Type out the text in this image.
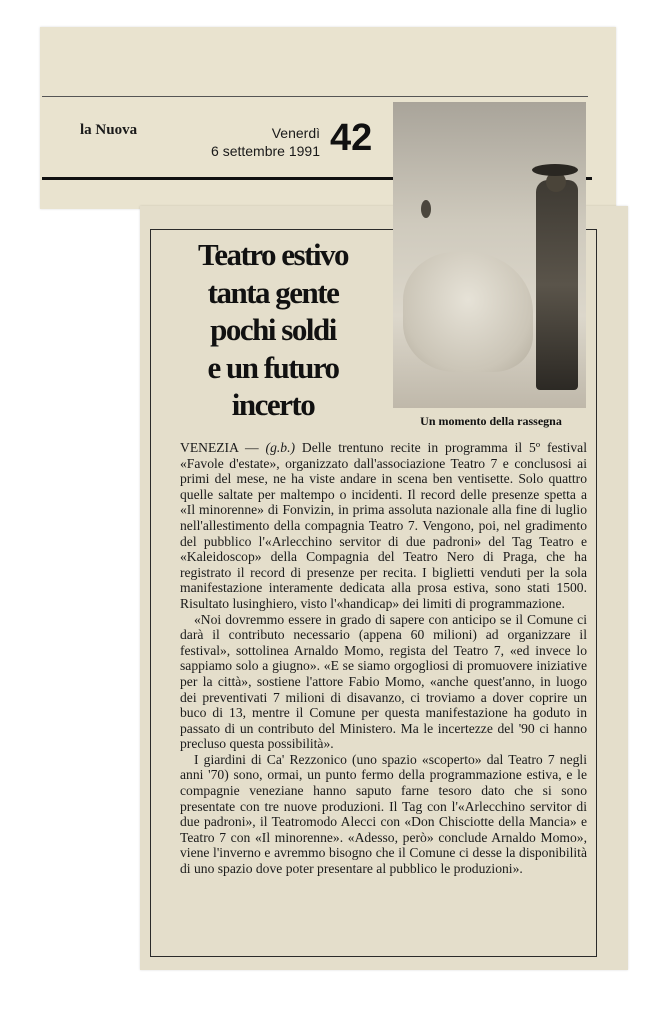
la Nuova	Venerdì
6 settembre 1991 42
Un momento della rassegna
Teatro estivo
tanta gente
pochi soldi
e un futuro
incerto

VENEZIA — (g.b.) Delle trentuno recite in programma il 5º festival «Favole d'estate», organizzato dall'associazione Teatro 7 e conclusosi ai primi del mese, ne ha viste andare in scena ben ventisette. Solo quattro quelle saltate per maltempo o incidenti. Il record delle presenze spetta a «Il minorenne» di Fonvizin, in prima assoluta nazionale alla fine di luglio nell'allestimento della compagnia Teatro 7. Vengono, poi, nel gradimento del pubblico l'«Arlecchino servitor di due padroni» del Tag Teatro e «Kaleidoscop» della Compagnia del Teatro Nero di Praga, che ha registrato il record di presenze per recita. I biglietti venduti per la sola manifestazione interamente dedicata alla prosa estiva, sono stati 1500. Risultato lusinghiero, visto l'«handicap» dei limiti di programmazione.

«Noi dovremmo essere in grado di sapere con anticipo se il Comune ci darà il contributo necessario (appena 60 milioni) ad organizzare il festival», sottolinea Arnaldo Momo, regista del Teatro 7, «ed invece lo sappiamo solo a giugno». «E se siamo orgogliosi di promuovere iniziative per la città», sostiene l'attore Fabio Momo, «anche quest'anno, in luogo dei preventivati 7 milioni di disavanzo, ci troviamo a dover coprire un buco di 13, mentre il Comune per questa manifestazione ha goduto in passato di un contributo del Ministero. Ma le incertezze del '90 ci hanno precluso questa possibilità».

I giardini di Ca' Rezzonico (uno spazio «scoperto» dal Teatro 7 negli anni '70) sono, ormai, un punto fermo della programmazione estiva, e le compagnie veneziane hanno saputo farne tesoro dato che si sono presentate con tre nuove produzioni. Il Tag con l'«Arlecchino servitor di due padroni», il Teatromodo Alecci con «Don Chisciotte della Mancia» e Teatro 7 con «Il minorenne». «Adesso, però» conclude Arnaldo Momo», viene l'inverno e avremmo bisogno che il Comune ci desse la disponibilità di uno spazio dove poter presentare al pubblico le produzioni».
